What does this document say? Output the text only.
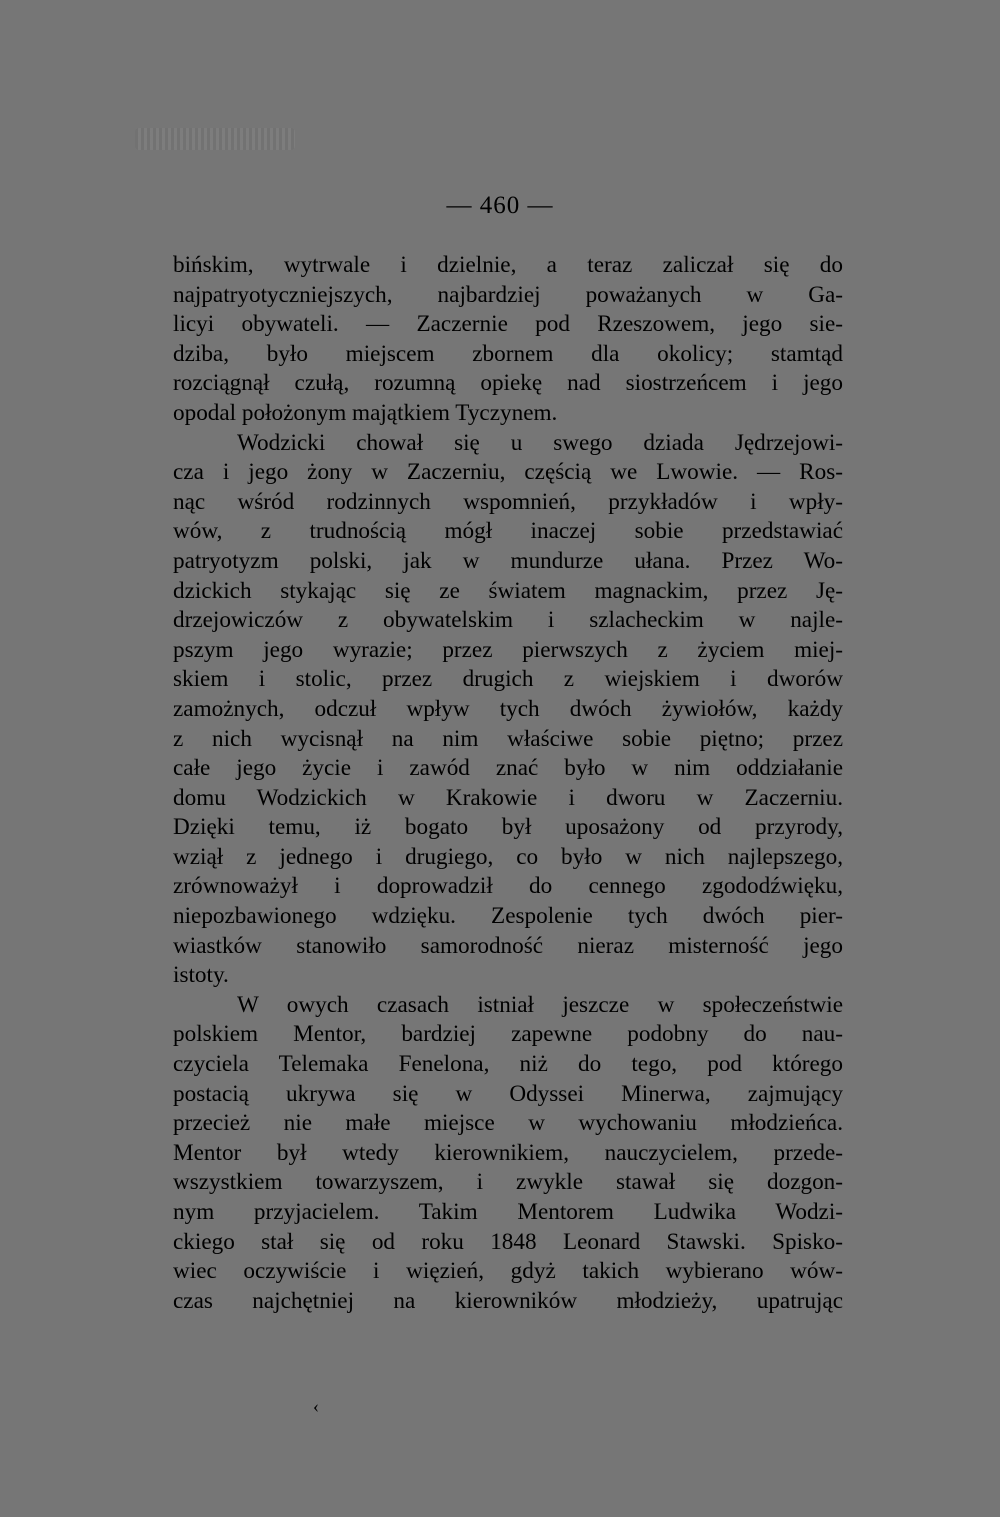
— 460 —
bińskim, wytrwale i dzielnie, a teraz zaliczał się do
najpatryotyczniejszych, najbardziej poważanych w Ga-
licyi obywateli. — Zaczernie pod Rzeszowem, jego sie-
dziba, było miejscem zbornem dla okolicy; stamtąd
rozciągnął czułą, rozumną opiekę nad siostrzeńcem i jego
opodal położonym majątkiem Tyczynem.
Wodzicki chował się u swego dziada Jędrzejowi-
cza i jego żony w Zaczerniu, częścią we Lwowie. — Ros-
nąc wśród rodzinnych wspomnień, przykładów i wpły-
wów, z trudnością mógł inaczej sobie przedstawiać
patryotyzm polski, jak w mundurze ułana. Przez Wo-
dzickich stykając się ze światem magnackim, przez Ję-
drzejowiczów z obywatelskim i szlacheckim w najle-
pszym jego wyrazie; przez pierwszych z życiem miej-
skiem i stolic, przez drugich z wiejskiem i dworów
zamożnych, odczuł wpływ tych dwóch żywiołów, każdy
z nich wycisnął na nim właściwe sobie piętno; przez
całe jego życie i zawód znać było w nim oddziałanie
domu Wodzickich w Krakowie i dworu w Zaczerniu.
Dzięki temu, iż bogato był uposażony od przyrody,
wziął z jednego i drugiego, co było w nich najlepszego,
zrównoważył i doprowadził do cennego zgododźwięku,
niepozbawionego wdzięku. Zespolenie tych dwóch pier-
wiastków stanowiło samorodność nieraz misterność jego
istoty.
W owych czasach istniał jeszcze w społeczeństwie
polskiem Mentor, bardziej zapewne podobny do nau-
czyciela Telemaka Fenelona, niż do tego, pod którego
postacią ukrywa się w Odyssei Minerwa, zajmujący
przecież nie małe miejsce w wychowaniu młodzieńca.
Mentor był wtedy kierownikiem, nauczycielem, przede-
wszystkiem towarzyszem, i zwykle stawał się dozgon-
nym przyjacielem. Takim Mentorem Ludwika Wodzi-
ckiego stał się od roku 1848 Leonard Stawski. Spisko-
wiec oczywiście i więzień, gdyż takich wybierano wów-
czas najchętniej na kierowników młodzieży, upatrując
‹
